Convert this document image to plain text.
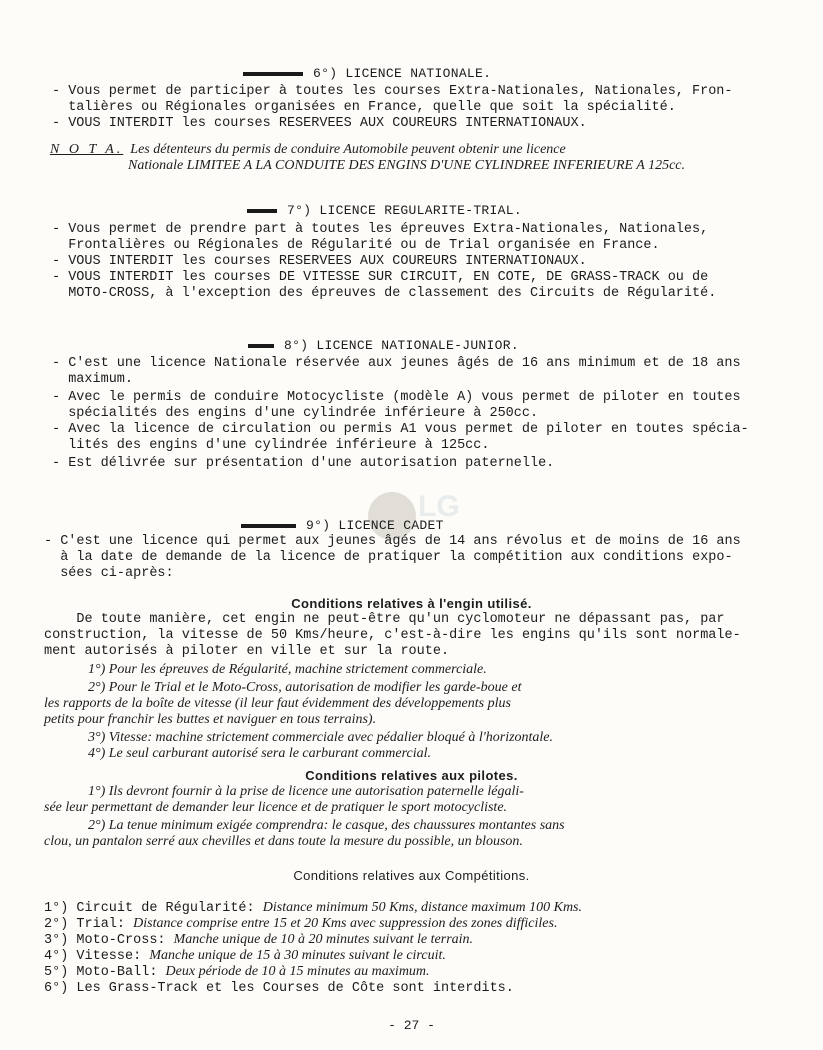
6°) LICENCE NATIONALE.
- Vous permet de participer à toutes les courses Extra-Nationales, Nationales, Fron-
talières ou Régionales organisées en France, quelle que soit la spécialité.
- VOUS INTERDIT les courses RESERVEES AUX COUREURS INTERNATIONAUX.
N O T A. Les détenteurs du permis de conduire Automobile peuvent obtenir une licence
Nationale LIMITEE A LA CONDUITE DES ENGINS D'UNE CYLINDREE INFERIEURE A 125cc.
7°) LICENCE REGULARITE-TRIAL.
- Vous permet de prendre part à toutes les épreuves Extra-Nationales, Nationales,
Frontalières ou Régionales de Régularité ou de Trial organisée en France.
- VOUS INTERDIT les courses RESERVEES AUX COUREURS INTERNATIONAUX.
- VOUS INTERDIT les courses DE VITESSE SUR CIRCUIT, EN COTE, DE GRASS-TRACK ou de
MOTO-CROSS, à l'exception des épreuves de classement des Circuits de Régularité.
8°) LICENCE NATIONALE-JUNIOR.
- C'est une licence Nationale réservée aux jeunes âgés de 16 ans minimum et de 18 ans
maximum.
- Avec le permis de conduire Motocycliste (modèle A) vous permet de piloter en toutes
spécialités des engins d'une cylindrée inférieure à 250cc.
- Avec la licence de circulation ou permis A1 vous permet de piloter en toutes spécia-
lités des engins d'une cylindrée inférieure à 125cc.
- Est délivrée sur présentation d'une autorisation paternelle.
LG
9°) LICENCE CADET
- C'est une licence qui permet aux jeunes âgés de 14 ans révolus et de moins de 16 ans
à la date de demande de la licence de pratiquer la compétition aux conditions expo-
sées ci-après:
Conditions relatives à l'engin utilisé.
De toute manière, cet engin ne peut-être qu'un cyclomoteur ne dépassant pas, par
construction, la vitesse de 50 Kms/heure, c'est-à-dire les engins qu'ils sont normale-
ment autorisés à piloter en ville et sur la route.
1°) Pour les épreuves de Régularité, machine strictement commerciale.
2°) Pour le Trial et le Moto-Cross, autorisation de modifier les garde-boue et
les rapports de la boîte de vitesse (il leur faut évidemment des développements plus
petits pour franchir les buttes et naviguer en tous terrains).
3°) Vitesse: machine strictement commerciale avec pédalier bloqué à l'horizontale.
4°) Le seul carburant autorisé sera le carburant commercial.
Conditions relatives aux pilotes.
1°) Ils devront fournir à la prise de licence une autorisation paternelle légali-
sée leur permettant de demander leur licence et de pratiquer le sport motocycliste.
2°) La tenue minimum exigée comprendra: le casque, des chaussures montantes sans
clou, un pantalon serré aux chevilles et dans toute la mesure du possible, un blouson.
Conditions relatives aux Compétitions.
1°) Circuit de Régularité: Distance minimum 50 Kms, distance maximum 100 Kms.
2°) Trial: Distance comprise entre 15 et 20 Kms avec suppression des zones difficiles.
3°) Moto-Cross: Manche unique de 10 à 20 minutes suivant le terrain.
4°) Vitesse: Manche unique de 15 à 30 minutes suivant le circuit.
5°) Moto-Ball: Deux période de 10 à 15 minutes au maximum.
6°) Les Grass-Track et les Courses de Côte sont interdits.
- 27 -
